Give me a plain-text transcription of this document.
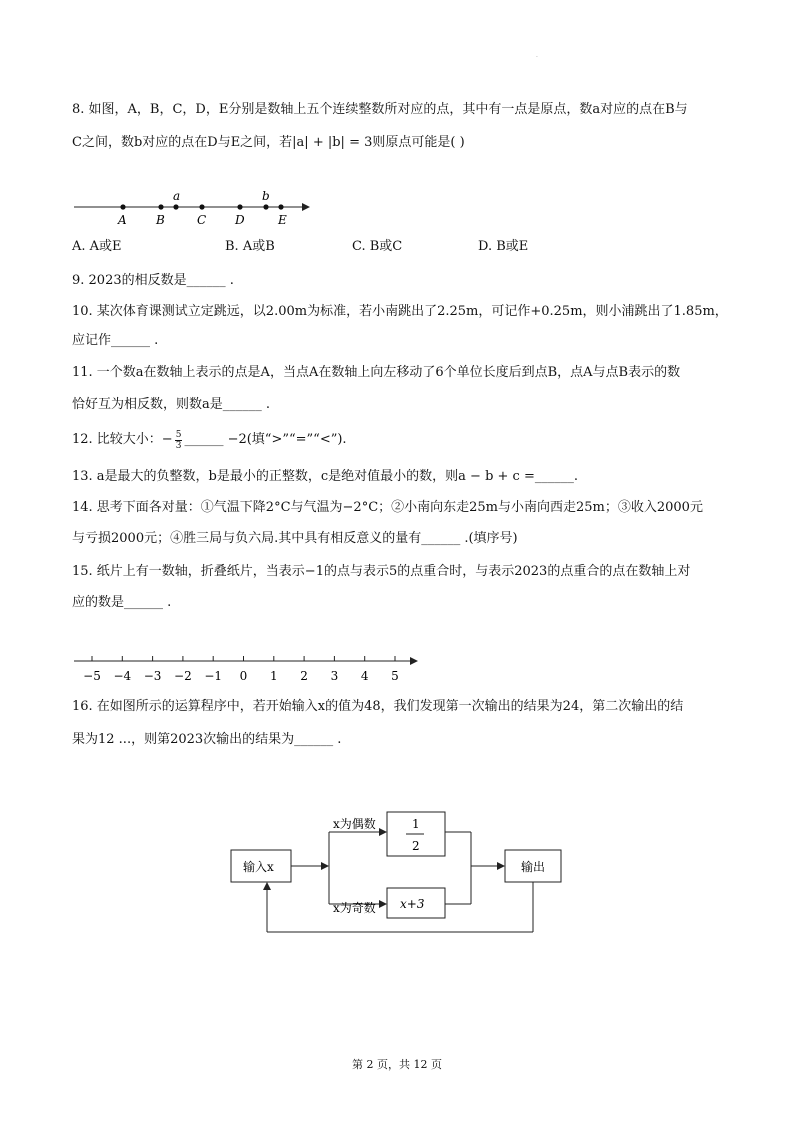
·
8. 如图，A，B，C，D，E分别是数轴上五个连续整数所对应的点，其中有一点是原点，数a对应的点在B与
C之间，数b对应的点在D与E之间，若|a| + |b| = 3则原点可能是( )
A B	C D	E
a	b
A. A或E	B. A或B	C. B或C	D. B或E
9. 2023的相反数是______ .
10. 某次体育课测试立定跳远，以2.00m为标准，若小南跳出了2.25m，可记作+0.25m，则小浦跳出了1.85m，
应记作______ .
11. 一个数a在数轴上表示的点是A，当点A在数轴上向左移动了6个单位长度后到点B，点A与点B表示的数
恰好互为相反数，则数a是______ .
12. 比较大小：− $\frac{5}{3}$ ______ −2(填“>”“=”“<”).
13. a是最大的负整数，b是最小的正整数，c是绝对值最小的数，则a − b + c =______.
14. 思考下面各对量：①气温下降2°C与气温为−2°C；②小南向东走25m与小南向西走25m；③收入2000元
与亏损2000元；④胜三局与负六局.其中具有相反意义的量有______ .(填序号)
15. 纸片上有一数轴，折叠纸片，当表示−1的点与表示5的点重合时，与表示2023的点重合的点在数轴上对
应的数是______ .
−5 −4 −3 −2 −1 0 1 2 3 4 5
16. 在如图所示的运算程序中，若开始输入x的值为48，我们发现第一次输出的结果为24，第二次输出的结
果为12 ...，则第2023次输出的结果为______ .
输入x
x为偶数
x为奇数
1
2
x+3
输出
第 2 页，共 12 页
